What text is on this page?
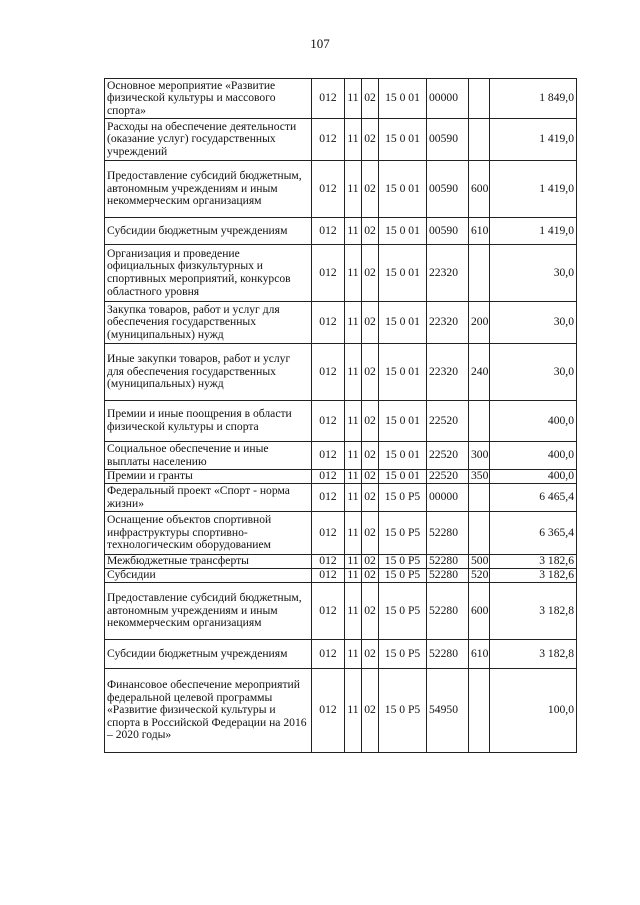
107
Основное мероприятие «Развитие физической культуры и массового спорта»	012	11	02	15 0 01	00000		1 849,0
Расходы на обеспечение деятельности (оказание услуг) государственных учреждений	012	11	02	15 0 01	00590		1 419,0
Предоставление субсидий бюджетным, автономным учреждениям и иным некоммерческим организациям	012	11	02	15 0 01	00590	600	1 419,0
Субсидии бюджетным учреждениям	012	11	02	15 0 01	00590	610	1 419,0
Организация и проведение официальных физкультурных и спортивных мероприятий, конкурсов областного уровня	012	11	02	15 0 01	22320		30,0
Закупка товаров, работ и услуг для обеспечения государственных (муниципальных) нужд	012	11	02	15 0 01	22320	200	30,0
Иные закупки товаров, работ и услуг для обеспечения государственных (муниципальных) нужд	012	11	02	15 0 01	22320	240	30,0
Премии и иные поощрения в области физической культуры и спорта	012	11	02	15 0 01	22520		400,0
Социальное обеспечение и иные выплаты населению	012	11	02	15 0 01	22520	300	400,0
Премии и гранты	012	11	02	15 0 01	22520	350	400,0
Федеральный проект «Спорт - норма жизни»	012	11	02	15 0 P5	00000		6 465,4
Оснащение объектов спортивной инфраструктуры спортивно-технологическим оборудованием	012	11	02	15 0 P5	52280		6 365,4
Межбюджетные трансферты	012	11	02	15 0 P5	52280	500	3 182,6
Субсидии	012	11	02	15 0 P5	52280	520	3 182,6
Предоставление субсидий бюджетным, автономным учреждениям и иным некоммерческим организациям	012	11	02	15 0 P5	52280	600	3 182,8
Субсидии бюджетным учреждениям	012	11	02	15 0 P5	52280	610	3 182,8
Финансовое обеспечение мероприятий федеральной целевой программы «Развитие физической культуры и спорта в Российской Федерации на 2016 – 2020 годы»	012	11	02	15 0 P5	54950		100,0
